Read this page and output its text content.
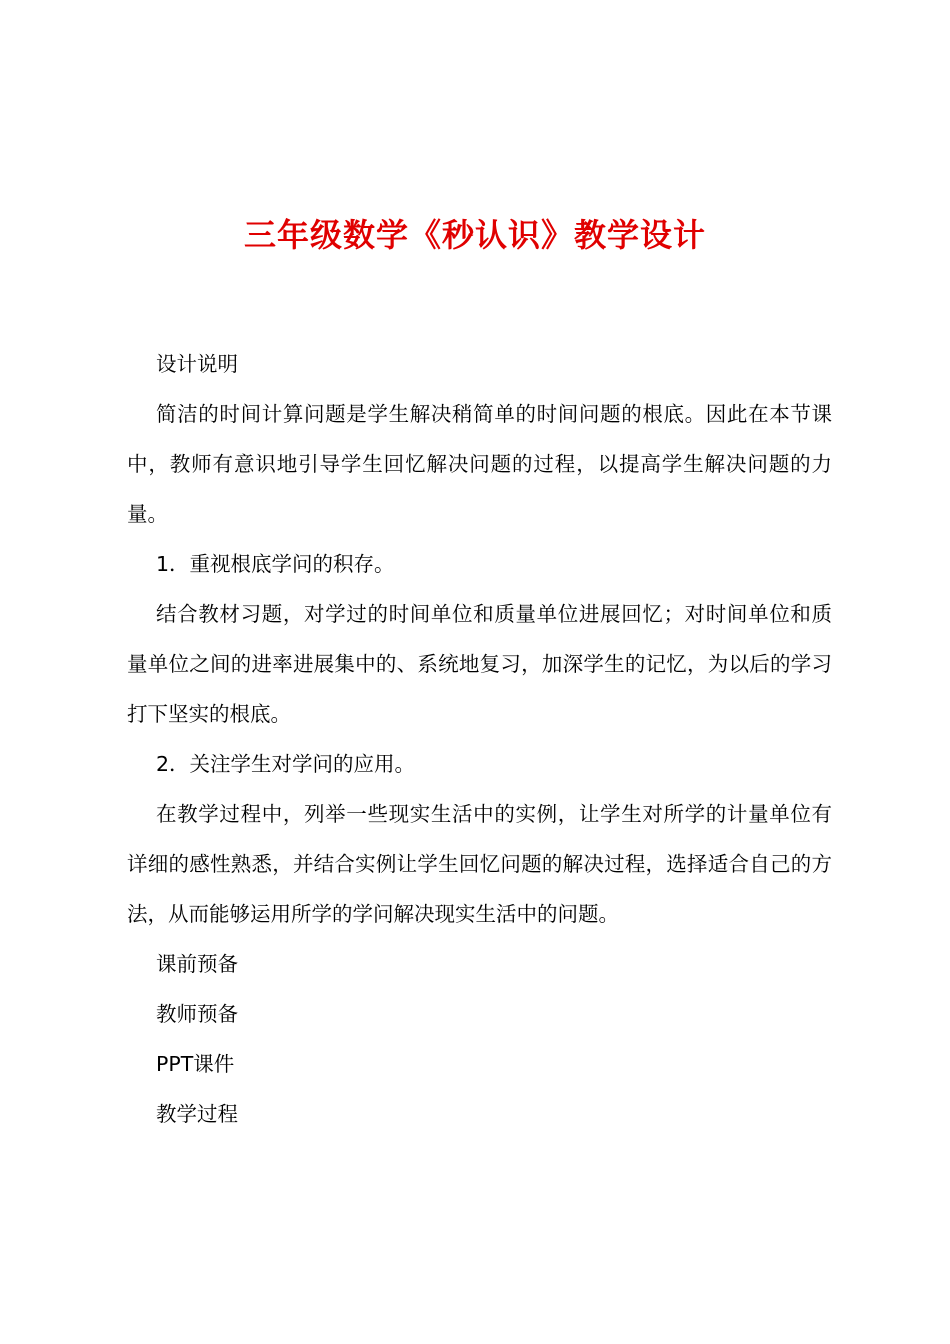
三年级数学《秒认识》教学设计

设计说明

简洁的时间计算问题是学生解决稍简单的时间问题的根底。因此在本节课中，教师有意识地引导学生回忆解决问题的过程，以提高学生解决问题的力量。

1．重视根底学问的积存。

结合教材习题，对学过的时间单位和质量单位进展回忆；对时间单位和质量单位之间的进率进展集中的、系统地复习，加深学生的记忆，为以后的学习打下坚实的根底。

2．关注学生对学问的应用。

在教学过程中，列举一些现实生活中的实例，让学生对所学的计量单位有详细的感性熟悉，并结合实例让学生回忆问题的解决过程，选择适合自己的方法，从而能够运用所学的学问解决现实生活中的问题。

课前预备

教师预备

PPT课件

教学过程
